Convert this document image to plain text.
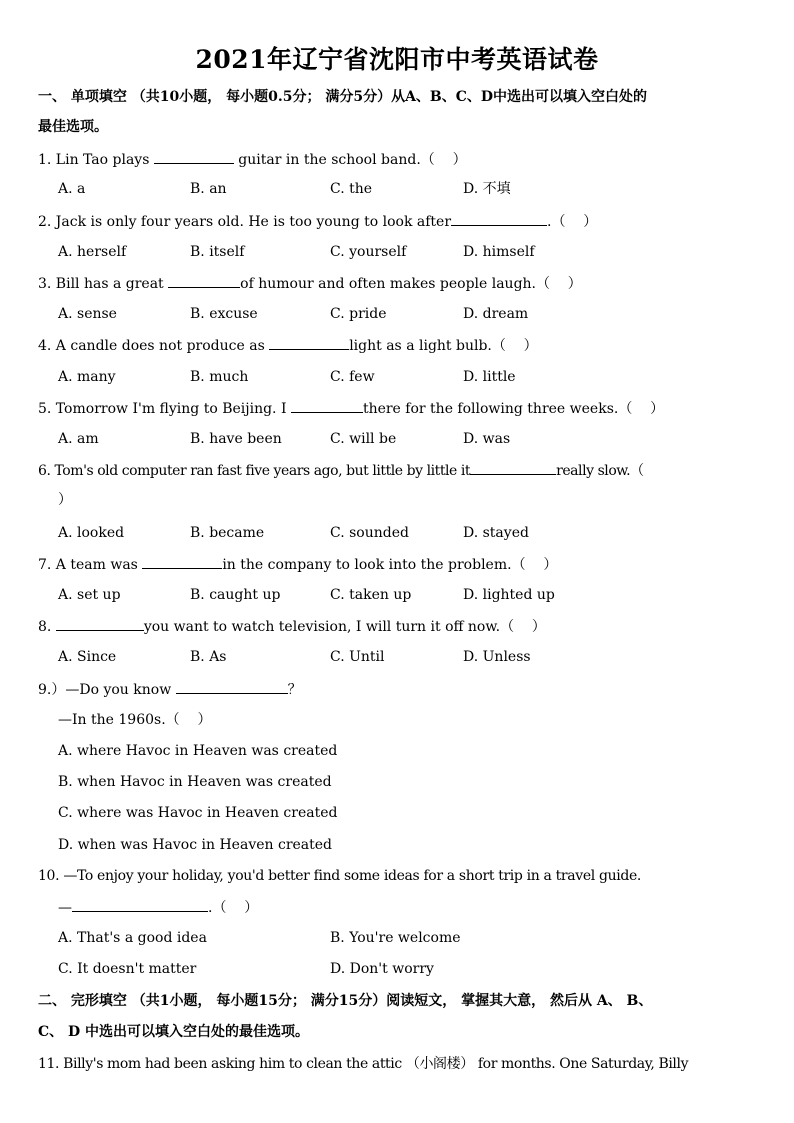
2021年辽宁省沈阳市中考英语试卷
一、 单项填空 （共10小题， 每小题0.5分； 满分5分）从A、B、C、D中选出可以填入空白处的
最佳选项。
1. Lin Tao plays	guitar in the school band.（    ）
A. a	B. an	C. the	D. 不填
2. Jack is only four years old. He is too young to look after	.（    ）
A. herself	B. itself	C. yourself	D. himself
3. Bill has a great	of humour and often makes people laugh.（    ）
A. sense	B. excuse	C. pride	D. dream
4. A candle does not produce as	light as a light bulb.（    ）
A. many	B. much	C. few	D. little
5. Tomorrow I'm flying to Beijing. I	there for the following three weeks.（    ）
A. am	B. have been	C. will be	D. was
6. Tom's old computer ran fast five years ago, but little by little it	really slow.（
）
A. looked	B. became	C. sounded	D. stayed
7. A team was	in the company to look into the problem.（    ）
A. set up	B. caught up	C. taken up	D. lighted up
8.	you want to watch television, I will turn it off now.（    ）
A. Since	B. As	C. Until	D. Unless
9.）—Do you know	？
—In the 1960s.（    ）
A. where Havoc in Heaven was created
B. when Havoc in Heaven was created
C. where was Havoc in Heaven created
D. when was Havoc in Heaven created
10. —To enjoy your holiday, you'd better find some ideas for a short trip in a travel guide.
—	.（    ）
A. That's a good idea	B. You're welcome
C. It doesn't matter	D. Don't worry
二、 完形填空 （共1小题， 每小题15分； 满分15分）阅读短文， 掌握其大意， 然后从 A、 B、
C、 D 中选出可以填入空白处的最佳选项。
11. Billy's mom had been asking him to clean the attic （小阁楼） for months. One Saturday, Billy
